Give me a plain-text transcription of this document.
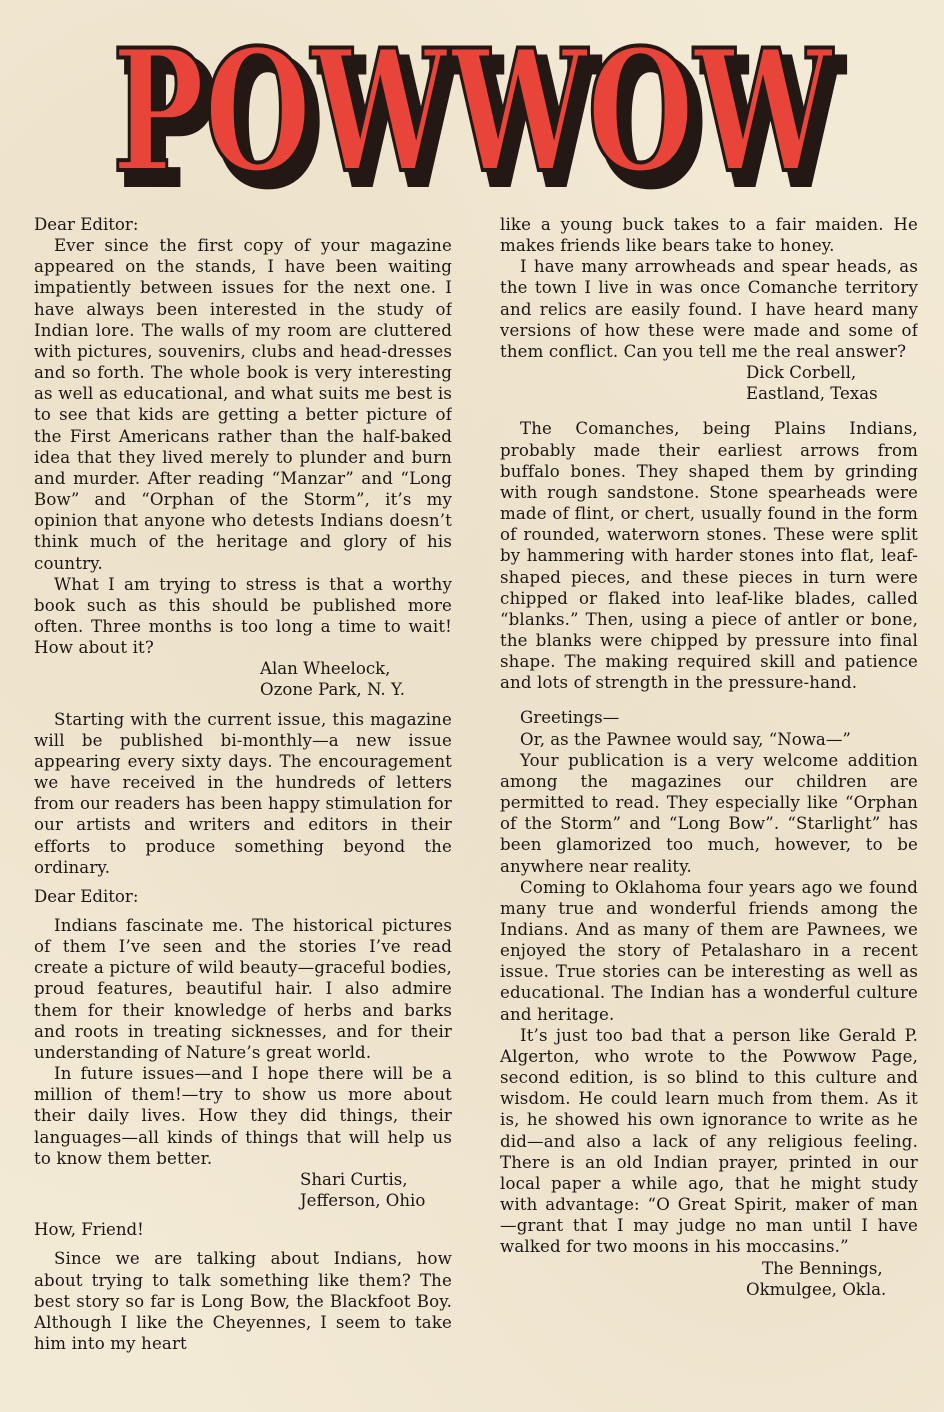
POWWOW
POWWOW

Dear Editor:

Ever since the first copy of your magazine appeared on the stands, I have been waiting impatiently between issues for the next one. I have always been interested in the study of Indian lore. The walls of my room are cluttered with pictures, souvenirs, clubs and head-dresses and so forth. The whole book is very interesting as well as educational, and what suits me best is to see that kids are getting a better picture of the First Americans rather than the half-baked idea that they lived merely to plunder and burn and murder. After reading “Manzar” and “Long Bow” and “Orphan of the Storm”, it’s my opinion that anyone who detests Indians doesn’t think much of the heritage and glory of his country.

What I am trying to stress is that a worthy book such as this should be published more often. Three months is too long a time to wait! How about it?

Alan Wheelock,

Ozone Park, N. Y.

Starting with the current issue, this magazine will be published bi-monthly—a new issue appearing every sixty days. The encouragement we have received in the hundreds of letters from our readers has been happy stimulation for our artists and writers and editors in their efforts to produce something beyond the ordinary.

Dear Editor:

Indians fascinate me. The historical pictures of them I’ve seen and the stories I’ve read create a picture of wild beauty—graceful bodies, proud features, beautiful hair. I also admire them for their knowledge of herbs and barks and roots in treating sicknesses, and for their understanding of Nature’s great world.

In future issues—and I hope there will be a million of them!—try to show us more about their daily lives. How they did things, their languages—all kinds of things that will help us to know them better.

Shari Curtis,

Jefferson, Ohio

How, Friend!

Since we are talking about Indians, how about trying to talk something like them? The best story so far is Long Bow, the Blackfoot Boy. Although I like the Cheyennes, I seem to take him into my heart

like a young buck takes to a fair maiden. He makes friends like bears take to honey.

I have many arrowheads and spear heads, as the town I live in was once Comanche territory and relics are easily found. I have heard many versions of how these were made and some of them conflict. Can you tell me the real answer?

Dick Corbell,

Eastland, Texas

The Comanches, being Plains Indians, probably made their earliest arrows from buffalo bones. They shaped them by grinding with rough sandstone. Stone spearheads were made of flint, or chert, usually found in the form of rounded, waterworn stones. These were split by hammering with harder stones into flat, leaf-shaped pieces, and these pieces in turn were chipped or flaked into leaf-like blades, called “blanks.” Then, using a piece of antler or bone, the blanks were chipped by pressure into final shape. The making required skill and patience and lots of strength in the pressure-hand.

Greetings—

Or, as the Pawnee would say, “Nowa—”

Your publication is a very welcome addition among the magazines our children are permitted to read. They especially like “Orphan of the Storm” and “Long Bow”. “Starlight” has been glamorized too much, however, to be anywhere near reality.

Coming to Oklahoma four years ago we found many true and wonderful friends among the Indians. And as many of them are Pawnees, we enjoyed the story of Petalasharo in a recent issue. True stories can be interesting as well as educational. The Indian has a wonderful culture and heritage.

It’s just too bad that a person like Gerald P. Algerton, who wrote to the Powwow Page, second edition, is so blind to this culture and wisdom. He could learn much from them. As it is, he showed his own ignorance to write as he did—and also a lack of any religious feeling. There is an old Indian prayer, printed in our local paper a while ago, that he might study with advantage: “O Great Spirit, maker of man—grant that I may judge no man until I have walked for two moons in his moccasins.”

The Bennings,

Okmulgee, Okla.
